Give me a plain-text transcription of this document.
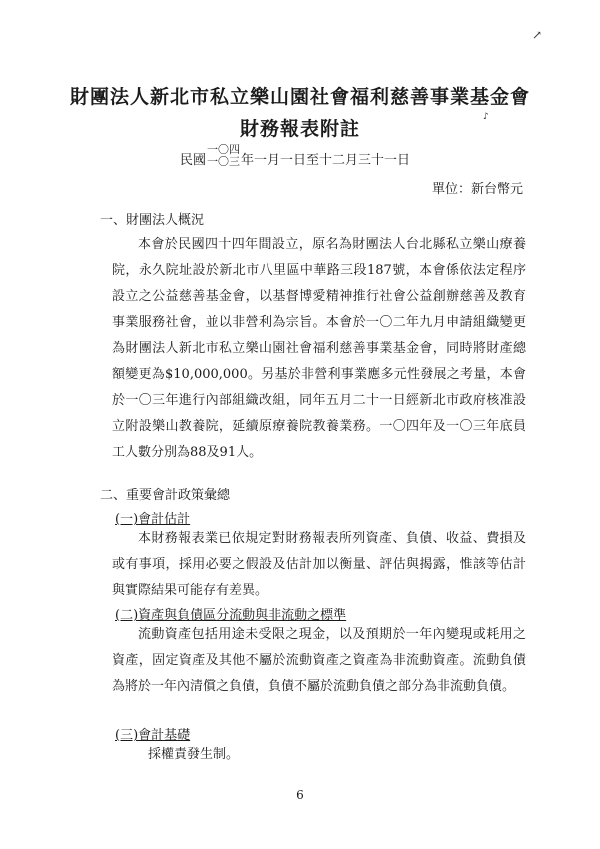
↗
♪
財團法人新北市私立樂山園社會福利慈善事業基金會
財務報表附註
民國
一〇四
一〇三 年一月一日至十二月三十一日
單位：新台幣元
一、財團法人概況

本會於民國四十四年間設立，原名為財團法人台北縣私立樂山療養院，永久院址設於新北市八里區中華路三段187號，本會係依法定程序設立之公益慈善基金會，以基督博愛精神推行社會公益創辦慈善及教育事業服務社會，並以非營利為宗旨。本會於一〇二年九月申請組織變更為財團法人新北市私立樂山園社會福利慈善事業基金會，同時將財產總額變更為$10,000,000。另基於非營利事業應多元性發展之考量，本會於一〇三年進行內部組織改組，同年五月二十一日經新北市政府核准設立附設樂山教養院，延續原療養院教養業務。一〇四年及一〇三年底員工人數分別為88及91人。

二、重要會計政策彙總
(一)會計估計

本財務報表業已依規定對財務報表所列資產、負債、收益、費損及或有事項，採用必要之假設及估計加以衡量、評估與揭露，惟該等估計與實際結果可能存有差異。

(二)資產與負債區分流動與非流動之標準

流動資產包括用途未受限之現金，以及預期於一年內變現或耗用之資產，固定資產及其他不屬於流動資產之資產為非流動資產。流動負債為將於一年內清償之負債，負債不屬於流動負債之部分為非流動負債。

(三)會計基礎

採權責發生制。

6
